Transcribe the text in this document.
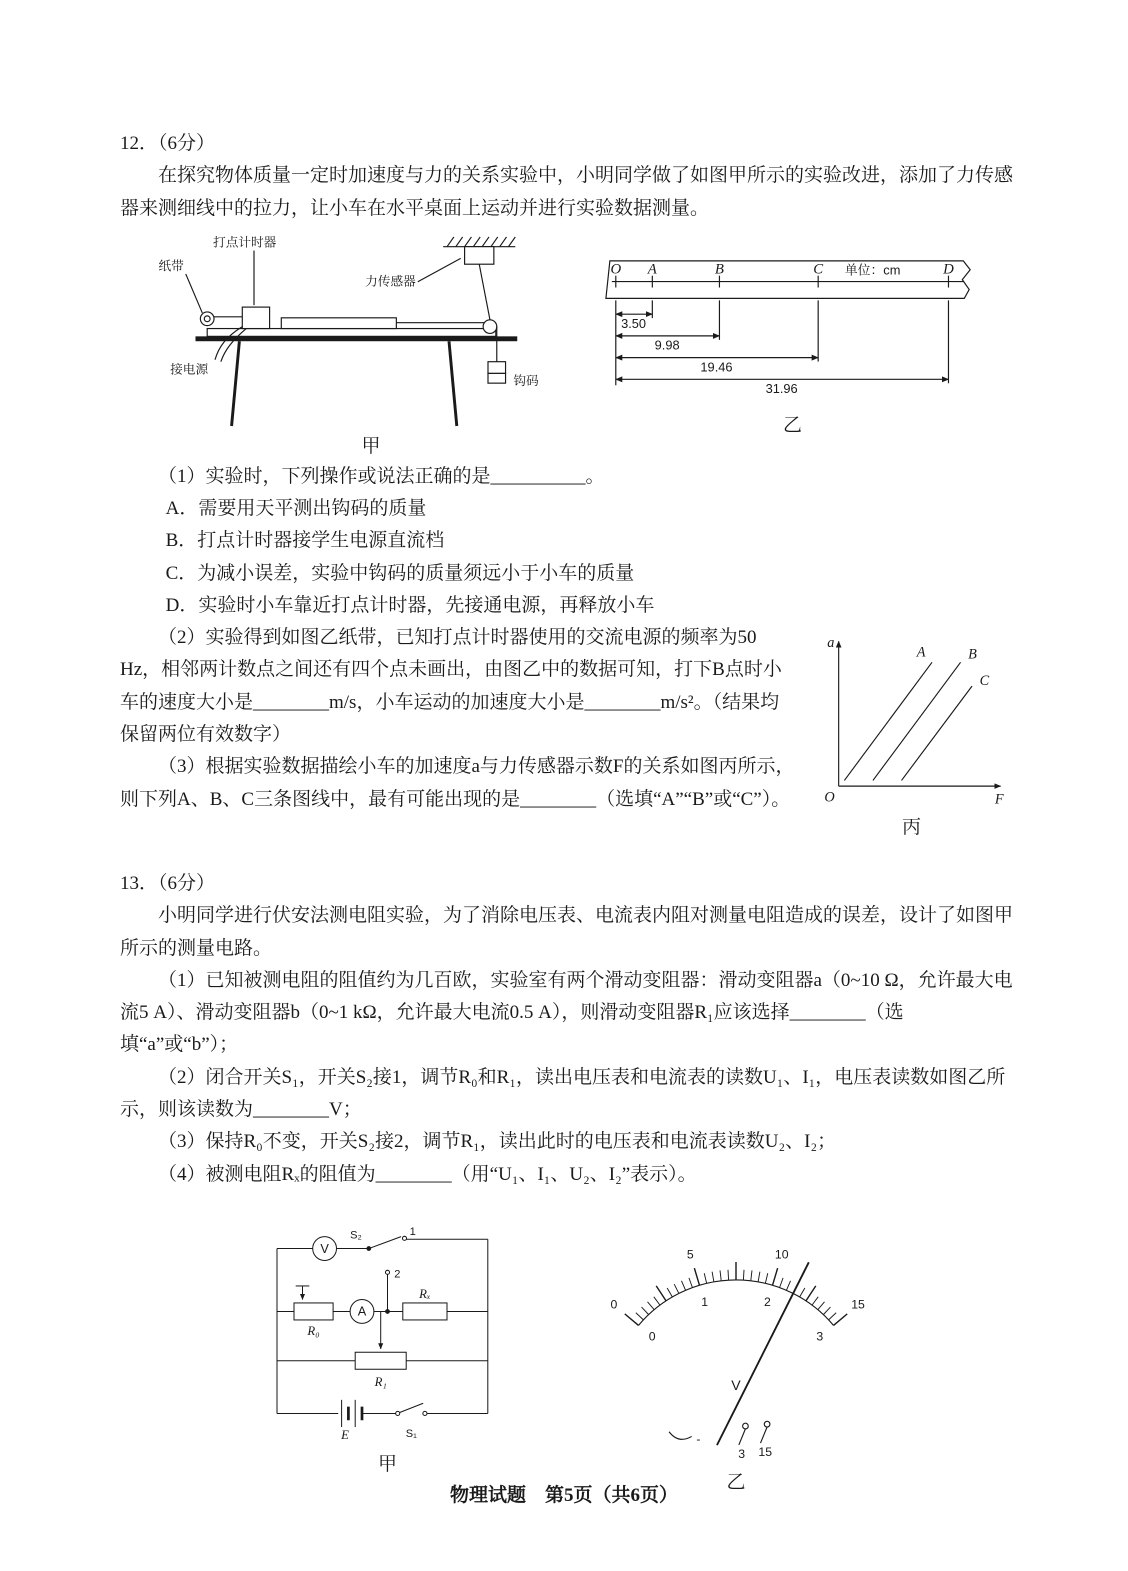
12．（6分）

在探究物体质量一定时加速度与力的关系实验中，小明同学做了如图甲所示的实验改进，添加了力传感器来测细线中的拉力，让小车在水平桌面上运动并进行实验数据测量。

纸带
打点计时器
力传感器
接电源
钩码
甲
O A	B	C	D
单位：cm
3.50
9.98
19.46
31.96
乙

（1）实验时，下列操作或说法正确的是__________。

A．需要用天平测出钩码的质量

B．打点计时器接学生电源直流档

C．为减小误差，实验中钩码的质量须远小于小车的质量

D．实验时小车靠近打点计时器，先接通电源，再释放小车

a
F
O
A	B
C
丙

（2）实验得到如图乙纸带，已知打点计时器使用的交流电源的频率为50 Hz，相邻两计数点之间还有四个点未画出，由图乙中的数据可知，打下B点时小车的速度大小是________m/s，小车运动的加速度大小是________m/s²。（结果均保留两位有效数字）

（3）根据实验数据描绘小车的加速度a与力传感器示数F的关系如图丙所示，则下列A、B、C三条图线中，最有可能出现的是________（选填“A”“B”或“C”）。

13．（6分）

小明同学进行伏安法测电阻实验，为了消除电压表、电流表内阻对测量电阻造成的误差，设计了如图甲所示的测量电路。

（1）已知被测电阻的阻值约为几百欧，实验室有两个滑动变阻器：滑动变阻器a（0~10 Ω，允许最大电流5 A）、滑动变阻器b（0~1 kΩ，允许最大电流0.5 A），则滑动变阻器R₁应该选择________（选填“a”或“b”）；

（2）闭合开关S₁，开关S₂接1，调节R₀和R₁，读出电压表和电流表的读数U₁、I₁，电压表读数如图乙所示，则该读数为________V；

（3）保持R₀不变，开关S₂接2，调节R₁，读出此时的电压表和电流表读数U₂、I₂；

（4）被测电阻Rₓ的阻值为________（用“U₁、I₁、U₂、I₂”表示）。

V
S₂	1
2
R₀
A
Rₓ
R₁
E	S₁
甲
0
5	10
15
0
1	2
3
V
-
3 15
乙
物理试题　第5页（共6页）
